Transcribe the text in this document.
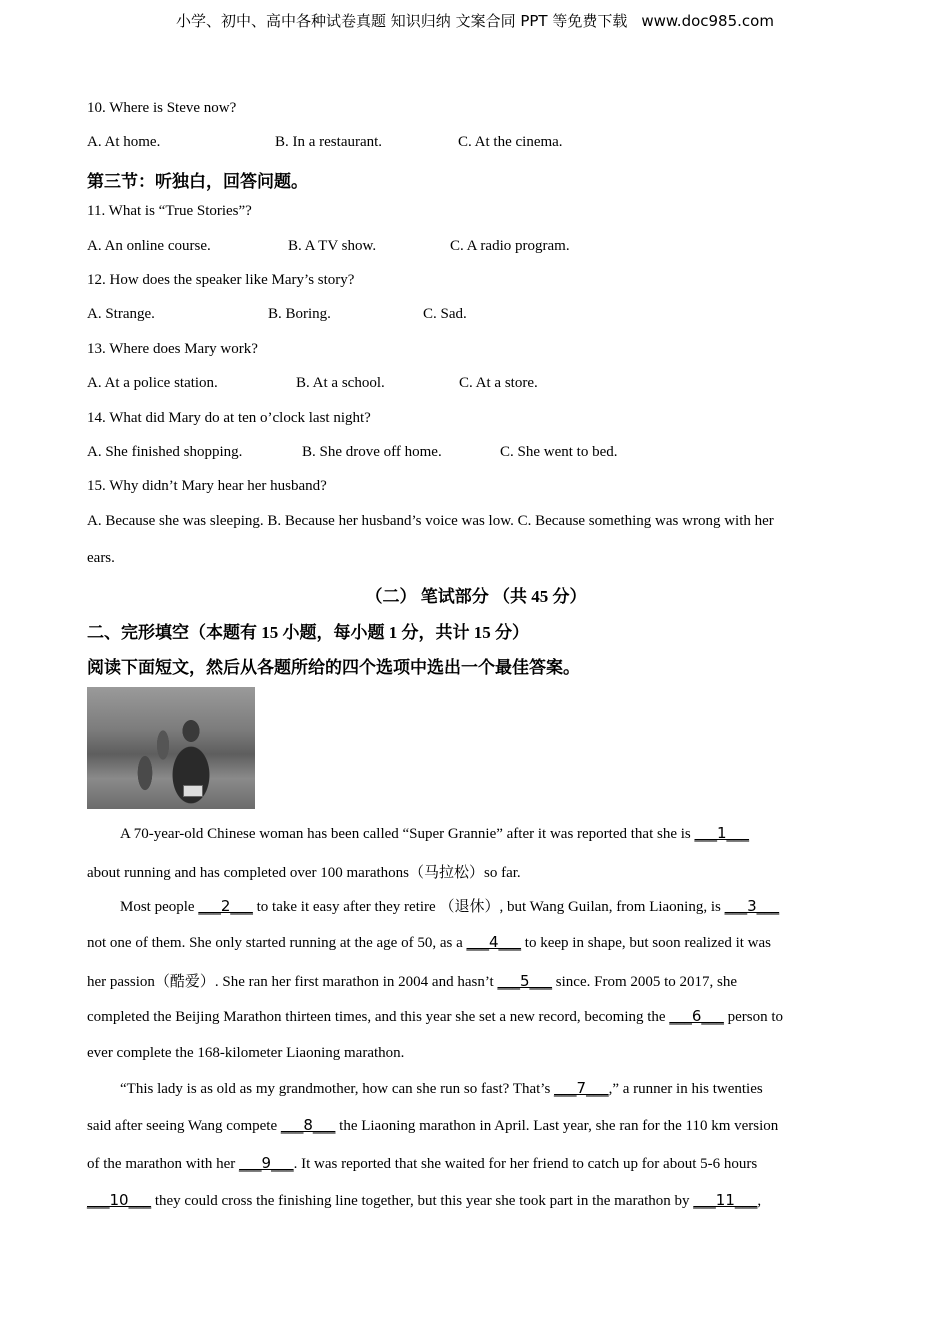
小学、初中、高中各种试卷真题 知识归纳 文案合同 PPT 等免费下载 www.doc985.com
10. Where is Steve now?
A. At home.	B. In a restaurant.	C. At the cinema.
第三节：听独白，回答问题。
11. What is “True Stories”?
A. An online course.	B. A TV show.	C. A radio program.
12. How does the speaker like Mary’s story?
A. Strange.	B. Boring.	C. Sad.
13. Where does Mary work?
A. At a police station.	B. At a school.	C. At a store.
14. What did Mary do at ten o’clock last night?
A. She finished shopping.	B. She drove off home.	C. She went to bed.
15. Why didn’t Mary hear her husband?
A. Because she was sleeping. B. Because her husband’s voice was low. C. Because something was wrong with her
ears.
（二） 笔试部分 （共 45 分）
二、完形填空（本题有 15 小题，每小题 1 分，共计 15 分）
阅读下面短文，然后从各题所给的四个选项中选出一个最佳答案。
A 70-year-old Chinese woman has been called “Super Grannie” after it was reported that she is ___1___
about running and has completed over 100 marathons（马拉松）so far.
Most people ___2___ to take it easy after they retire （退休）, but Wang Guilan, from Liaoning, is ___3___
not one of them. She only started running at the age of 50, as a ___4___ to keep in shape, but soon realized it was
her passion（酷爱）. She ran her first marathon in 2004 and hasn’t ___5___ since. From 2005 to 2017, she
completed the Beijing Marathon thirteen times, and this year she set a new record, becoming the ___6___ person to
ever complete the 168-kilometer Liaoning marathon.
“This lady is as old as my grandmother, how can she run so fast? That’s ___7___,” a runner in his twenties
said after seeing Wang compete ___8___ the Liaoning marathon in April. Last year, she ran for the 110 km version
of the marathon with her ___9___. It was reported that she waited for her friend to catch up for about 5-6 hours
___10___ they could cross the finishing line together, but this year she took part in the marathon by ___11___,
